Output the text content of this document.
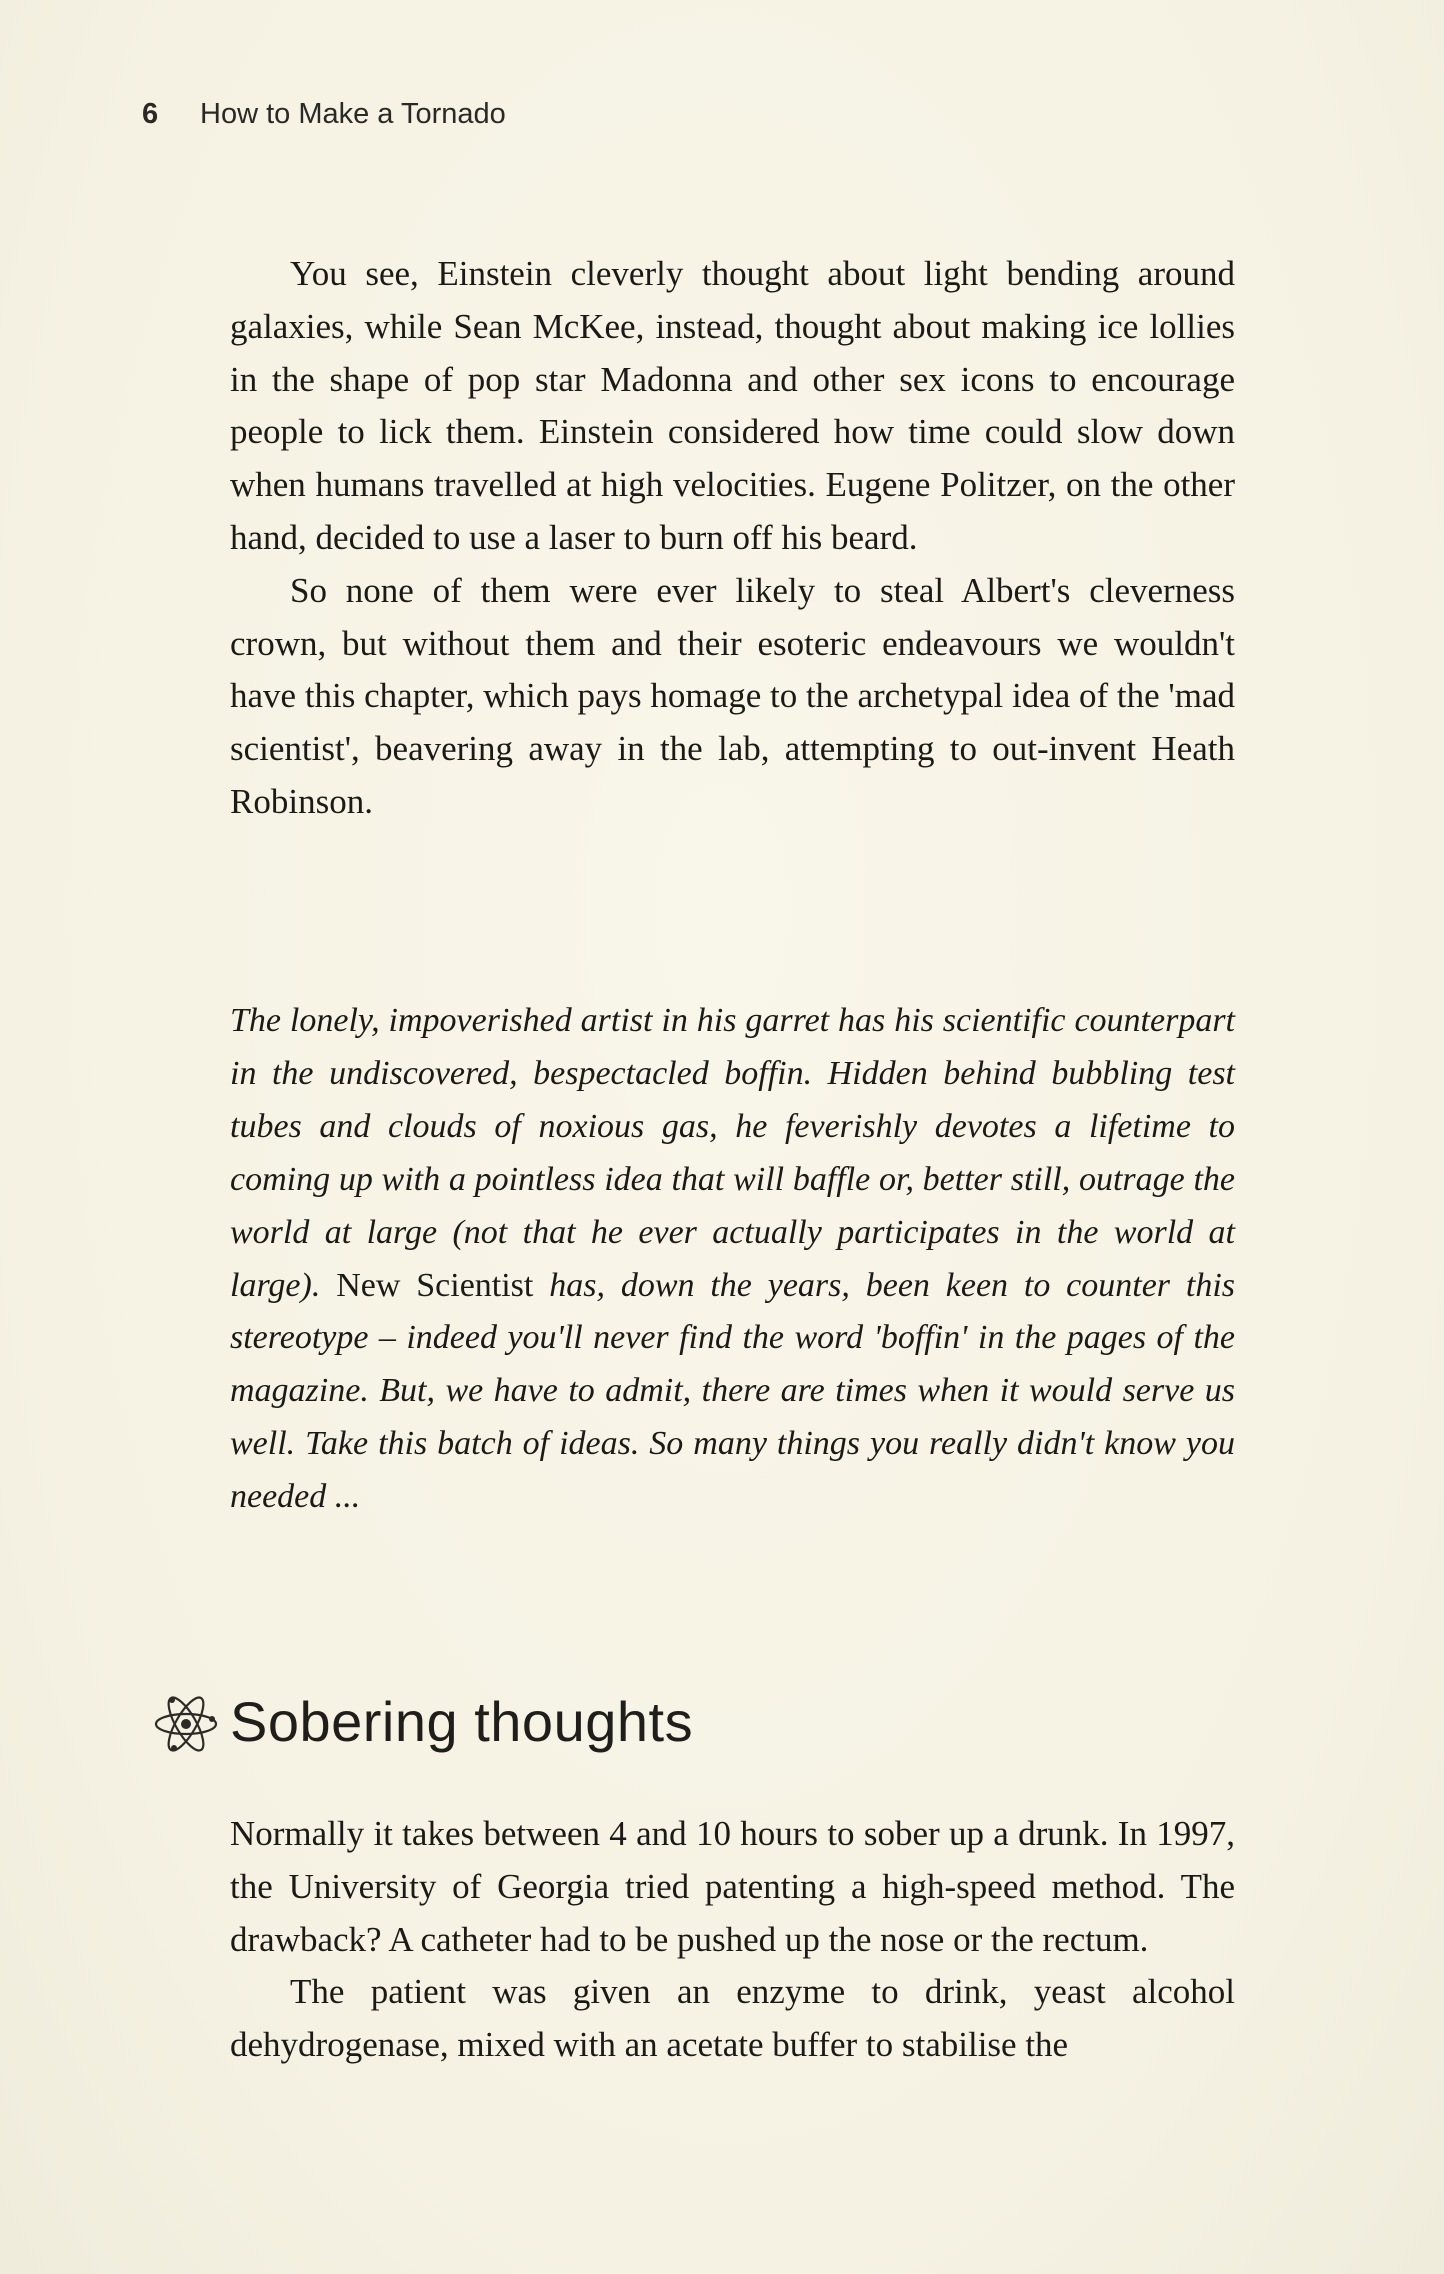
6	How to Make a Tornado

You see, Einstein cleverly thought about light bending around galaxies, while Sean McKee, instead, thought about making ice lollies in the shape of pop star Madonna and other sex icons to encourage people to lick them. Einstein considered how time could slow down when humans travelled at high velocities. Eugene Politzer, on the other hand, decided to use a laser to burn off his beard.

So none of them were ever likely to steal Albert's cleverness crown, but without them and their esoteric endeavours we wouldn't have this chapter, which pays homage to the archetypal idea of the 'mad scientist', beavering away in the lab, attempting to out-invent Heath Robinson.

The lonely, impoverished artist in his garret has his scientific counterpart in the undiscovered, bespectacled boffin. Hidden behind bubbling test tubes and clouds of noxious gas, he feverishly devotes a lifetime to coming up with a pointless idea that will baffle or, better still, outrage the world at large (not that he ever actually participates in the world at large). New Scientist has, down the years, been keen to counter this stereotype – indeed you'll never find the word 'boffin' in the pages of the magazine. But, we have to admit, there are times when it would serve us well. Take this batch of ideas. So many things you really didn't know you needed ...
Sobering thoughts

Normally it takes between 4 and 10 hours to sober up a drunk. In 1997, the University of Georgia tried patenting a high-speed method. The drawback? A catheter had to be pushed up the nose or the rectum.

The patient was given an enzyme to drink, yeast alcohol dehydrogenase, mixed with an acetate buffer to stabilise the
